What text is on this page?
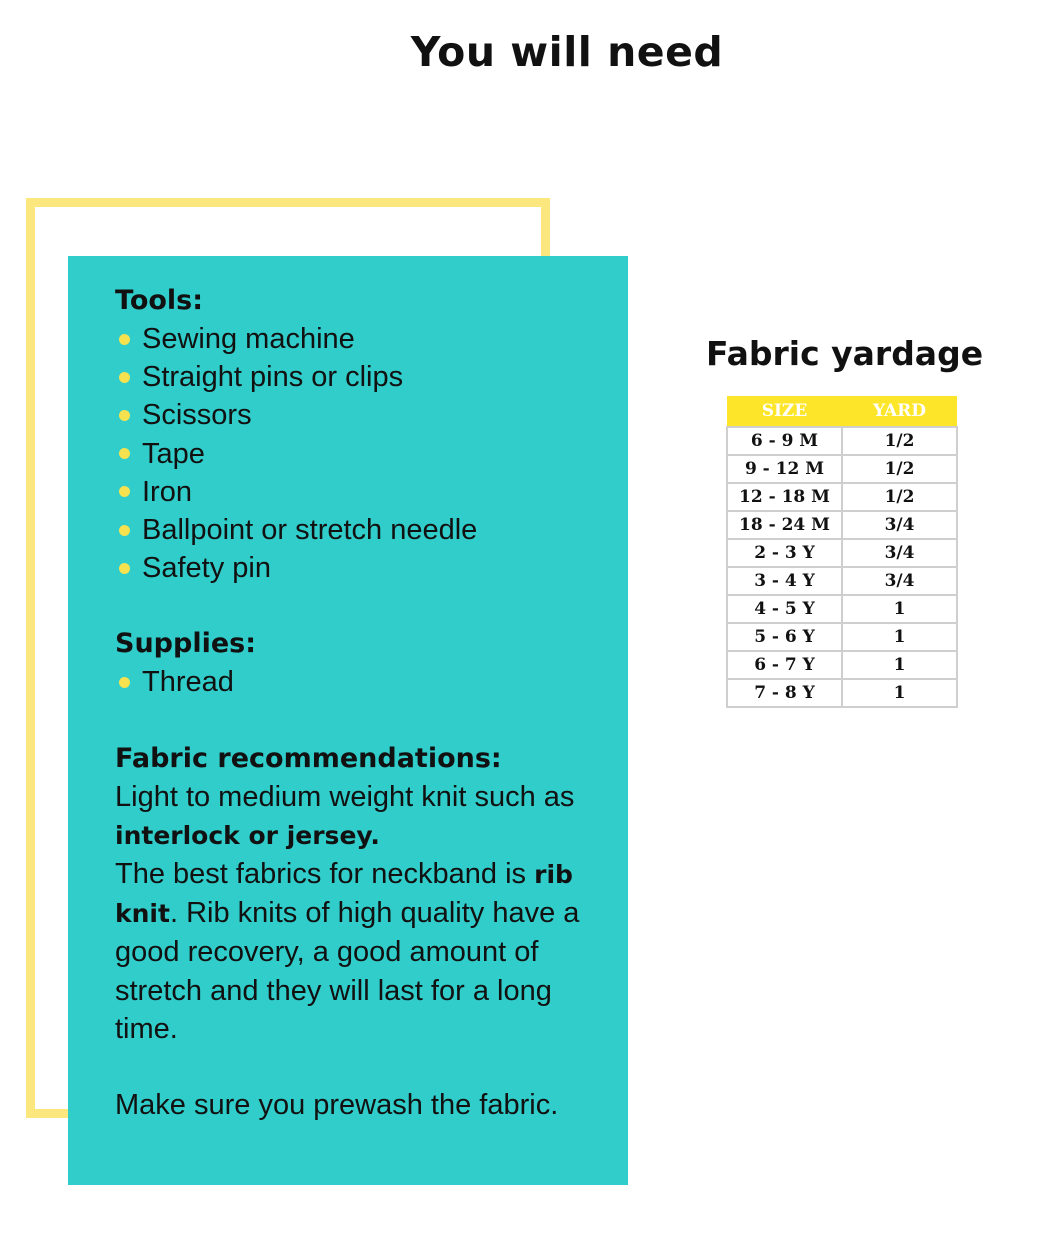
You will need
Tools:
Sewing machine
Straight pins or clips
Scissors
Tape
Iron
Ballpoint or stretch needle
Safety pin
Supplies:
Thread
Fabric recommendations:

Light to medium weight knit such as interlock or jersey.

The best fabrics for neckband is rib knit. Rib knits of high quality have a good recovery, a good amount of stretch and they will last for a long time.

Make sure you prewash the fabric.

Fabric yardage
SIZE	YARD
6 - 9 M	1/2
9 - 12 M	1/2
12 - 18 M	1/2
18 - 24 M	3/4
2 - 3 Y	3/4
3 - 4 Y	3/4
4 - 5 Y	1
5 - 6 Y	1
6 - 7 Y	1
7 - 8 Y	1
